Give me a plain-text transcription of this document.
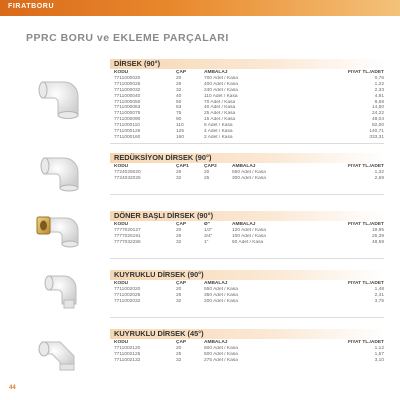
FIRATBORU
PPRC BORU ve EKLEME PARÇALARI
DİRSEK (90°)
KODU	ÇAP	AMBALAJ	FİYAT TL./ADET
7711000020	20	700 Adet / Kasa	0,76
7711000025	25	400 Adet / Kasa	1,22
7711000032	32	240 Adet / Kasa	2,33
7711000040	40	110 Adet / Kasa	4,81
7711000050	50	70 Adet / Kasa	8,58
7711000063	63	40 Adet / Kasa	14,60
7711000075	75	25 Adet / Kasa	24,22
7711000090	90	15 Adet / Kasa	48,04
7711000110	110	6 Adet / Kasa	82,00
7711000125	125	4 Adet / Kasa	140,71
7711000160	160	2 Adet / Kasa	333,31
REDÜKSİYON DİRSEK (90°)
KODU	ÇAP1	ÇAP2	AMBALAJ	FİYAT TL./ADET
7724025020	25	20	550 Adet / Kasa	1,32
7724032025	32	25	300 Adet / Kasa	2,69
DÖNER BAŞLI DİRSEK (90°)
KODU	ÇAP	Ø"	AMBALAJ	FİYAT TL./ADET
7777020127	20	1/2"	120 Adet / Kasa	19,95
7777025191	25	3/4"	100 Adet / Kasa	25,39
7777032256	32	1"	50 Adet / Kasa	48,59
KUYRUKLU DİRSEK (90°)
KODU	ÇAP	AMBALAJ	FİYAT TL./ADET
7711002020	20	550 Adet / Kasa	1,48
7711002025	25	350 Adet / Kasa	2,41
7711002032	32	200 Adet / Kasa	3,75
KUYRUKLU DİRSEK (45°)
KODU	ÇAP	AMBALAJ	FİYAT TL./ADET
7711002120	20	600 Adet / Kasa	1,12
7711002125	25	500 Adet / Kasa	1,67
7711002132	32	275 Adet / Kasa	3,10
44
